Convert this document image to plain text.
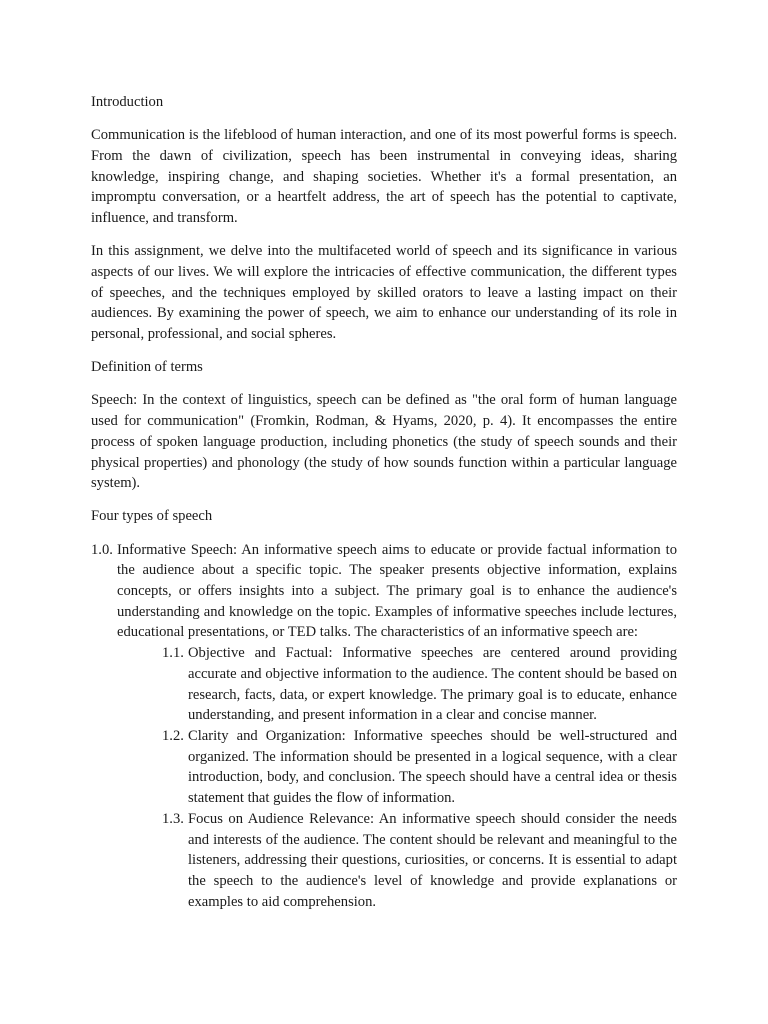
Introduction

Communication is the lifeblood of human interaction, and one of its most powerful forms is speech. From the dawn of civilization, speech has been instrumental in conveying ideas, sharing knowledge, inspiring change, and shaping societies. Whether it's a formal presentation, an impromptu conversation, or a heartfelt address, the art of speech has the potential to captivate, influence, and transform.

In this assignment, we delve into the multifaceted world of speech and its significance in various aspects of our lives. We will explore the intricacies of effective communication, the different types of speeches, and the techniques employed by skilled orators to leave a lasting impact on their audiences. By examining the power of speech, we aim to enhance our understanding of its role in personal, professional, and social spheres.

Definition of terms

Speech: In the context of linguistics, speech can be defined as "the oral form of human language used for communication" (Fromkin, Rodman, & Hyams, 2020, p. 4). It encompasses the entire process of spoken language production, including phonetics (the study of speech sounds and their physical properties) and phonology (the study of how sounds function within a particular language system).

Four types of speech

1.0. Informative Speech: An informative speech aims to educate or provide factual information to the audience about a specific topic. The speaker presents objective information, explains concepts, or offers insights into a subject. The primary goal is to enhance the audience's understanding and knowledge on the topic. Examples of informative speeches include lectures, educational presentations, or TED talks. The characteristics of an informative speech are:
1.1. Objective and Factual: Informative speeches are centered around providing accurate and objective information to the audience. The content should be based on research, facts, data, or expert knowledge. The primary goal is to educate, enhance understanding, and present information in a clear and concise manner.
1.2. Clarity and Organization: Informative speeches should be well-structured and organized. The information should be presented in a logical sequence, with a clear introduction, body, and conclusion. The speech should have a central idea or thesis statement that guides the flow of information.
1.3. Focus on Audience Relevance: An informative speech should consider the needs and interests of the audience. The content should be relevant and meaningful to the listeners, addressing their questions, curiosities, or concerns. It is essential to adapt the speech to the audience's level of knowledge and provide explanations or examples to aid comprehension.
